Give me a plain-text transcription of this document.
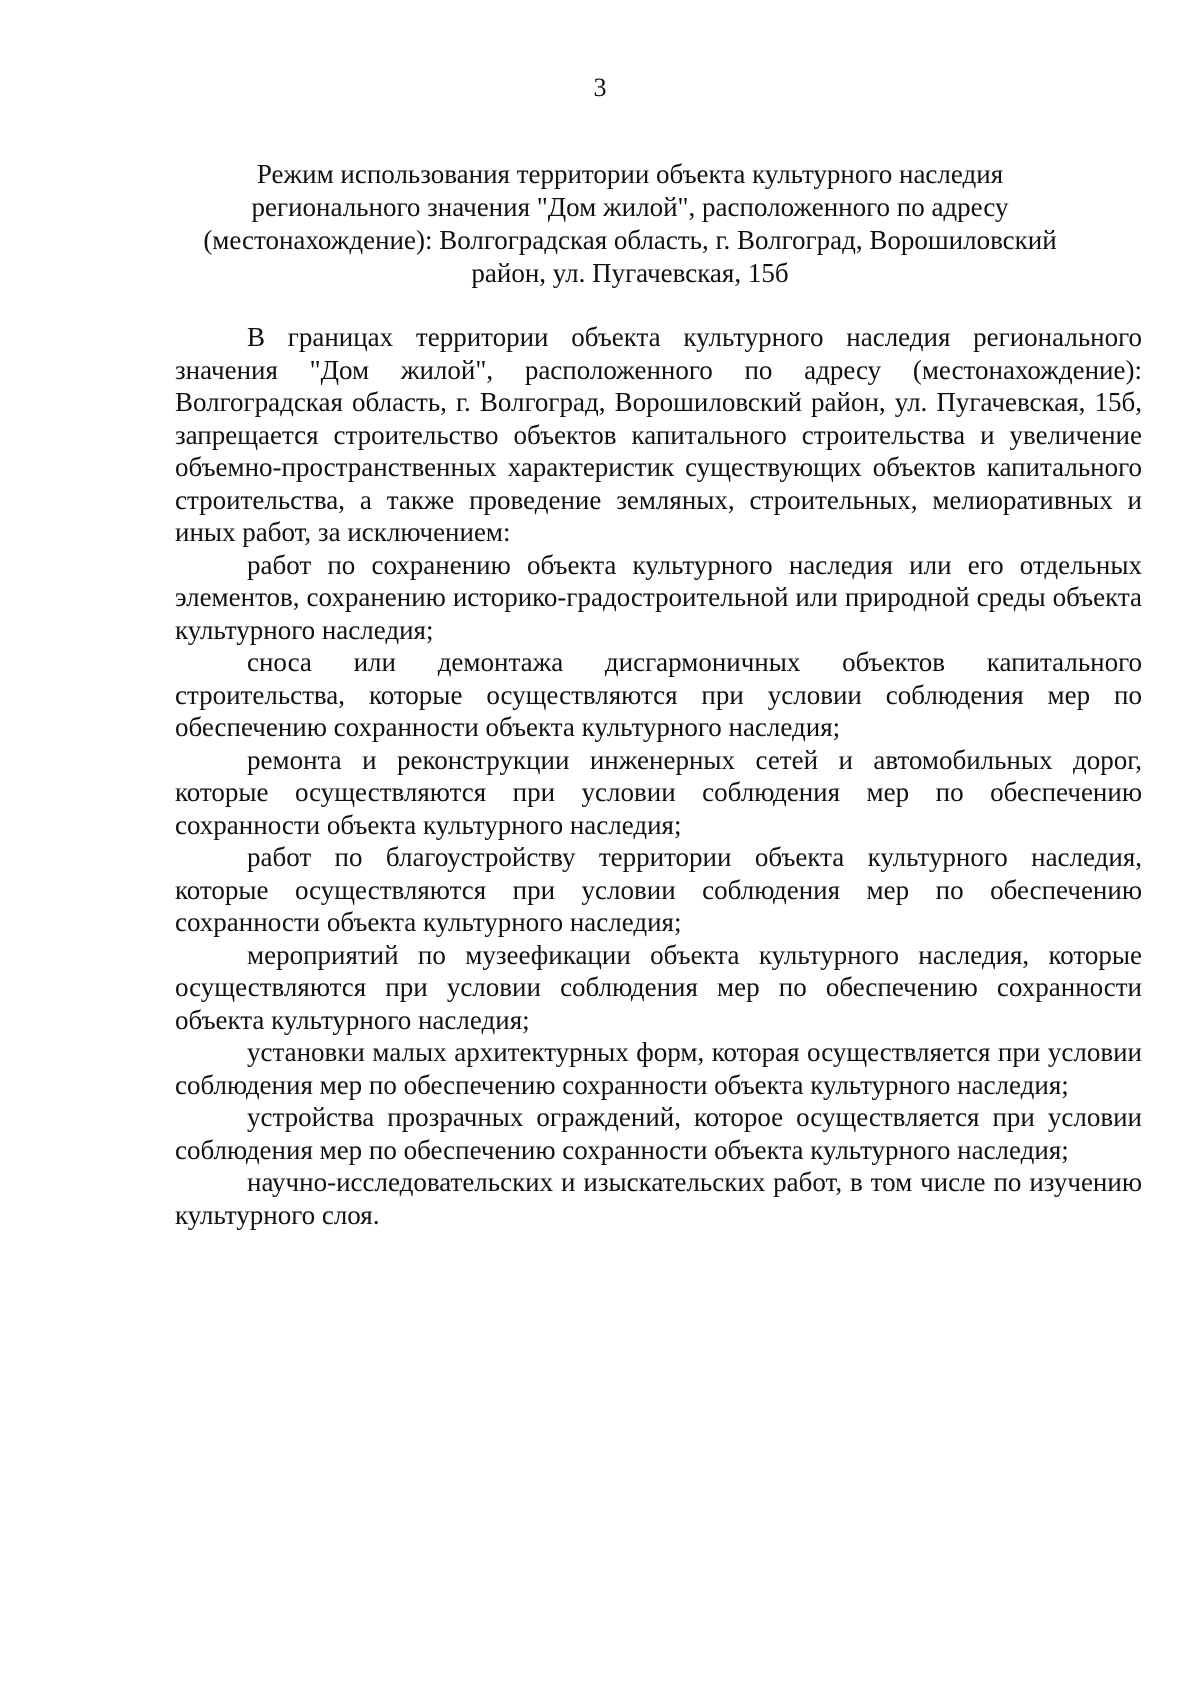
3
Режим использования территории объекта культурного наследия регионального значения "Дом жилой", расположенного по адресу (местонахождение): Волгоградская область, г. Волгоград, Ворошиловский район, ул. Пугачевская, 15б

В границах территории объекта культурного наследия регионального значения "Дом жилой", расположенного по адресу (местонахождение): Волгоградская область, г. Волгоград, Ворошиловский район, ул. Пугачевская, 15б, запрещается строительство объектов капитального строительства и увеличение объемно-пространственных характеристик существующих объектов капитального строительства, а также проведение земляных, строительных, мелиоративных и иных работ, за исключением:

работ по сохранению объекта культурного наследия или его отдельных элементов, сохранению историко-градостроительной или природной среды объекта культурного наследия;

сноса или демонтажа дисгармоничных объектов капитального строительства, которые осуществляются при условии соблюдения мер по обеспечению сохранности объекта культурного наследия;

ремонта и реконструкции инженерных сетей и автомобильных дорог, которые осуществляются при условии соблюдения мер по обеспечению сохранности объекта культурного наследия;

работ по благоустройству территории объекта культурного наследия, которые осуществляются при условии соблюдения мер по обеспечению сохранности объекта культурного наследия;

мероприятий по музеефикации объекта культурного наследия, которые осуществляются при условии соблюдения мер по обеспечению сохранности объекта культурного наследия;

установки малых архитектурных форм, которая осуществляется при условии соблюдения мер по обеспечению сохранности объекта культурного наследия;

устройства прозрачных ограждений, которое осуществляется при условии соблюдения мер по обеспечению сохранности объекта культурного наследия;

научно-исследовательских и изыскательских работ, в том числе по изучению культурного слоя.
